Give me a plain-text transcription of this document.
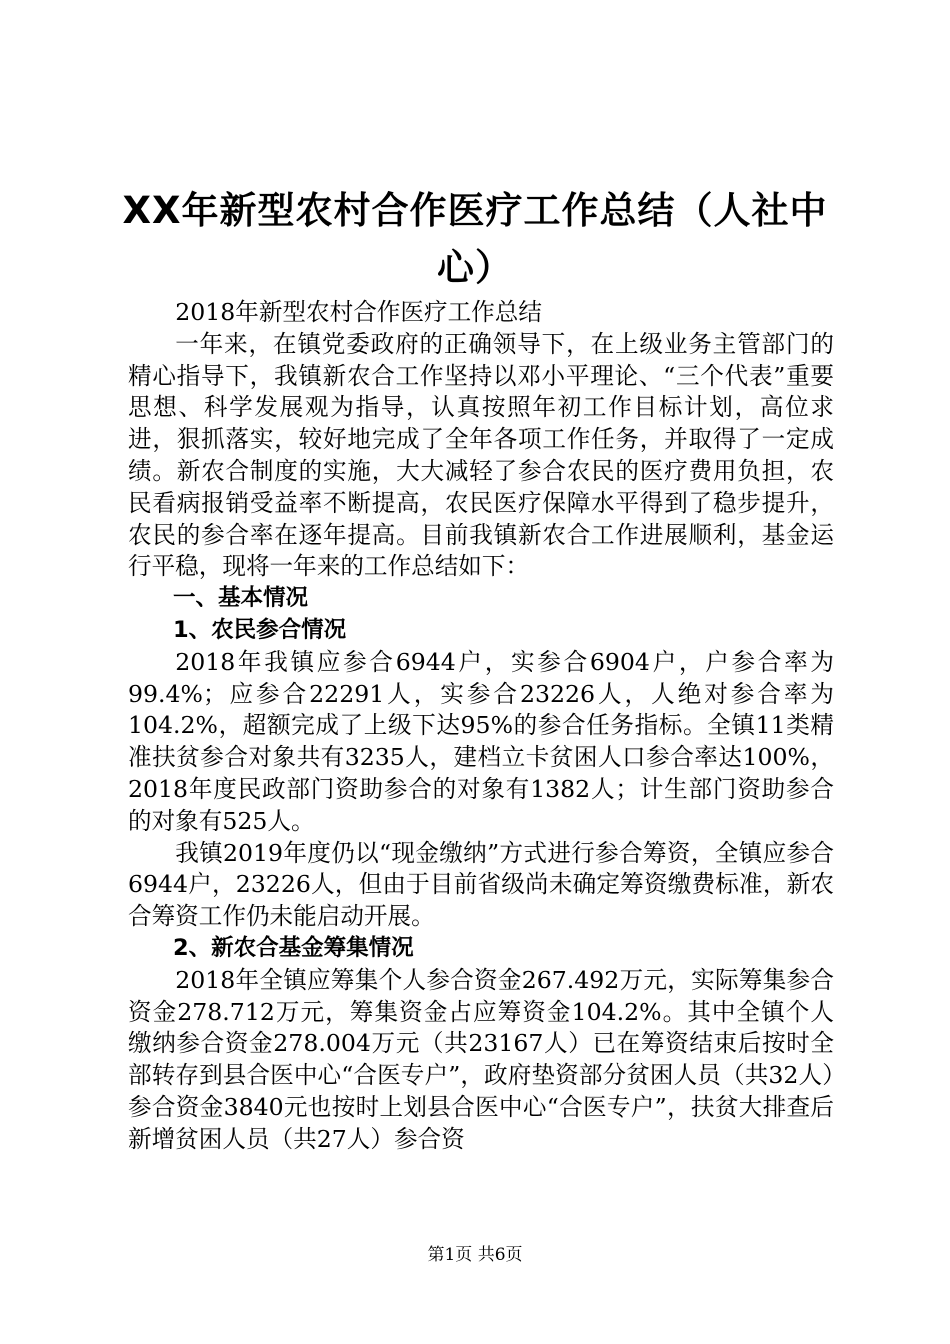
XX年新型农村合作医疗工作总结（人社中心）

2018年新型农村合作医疗工作总结

一年来，在镇党委政府的正确领导下，在上级业务主管部门的精心指导下，我镇新农合工作坚持以邓小平理论、“三个代表”重要思想、科学发展观为指导，认真按照年初工作目标计划，高位求进，狠抓落实，较好地完成了全年各项工作任务，并取得了一定成绩。新农合制度的实施，大大减轻了参合农民的医疗费用负担，农民看病报销受益率不断提高，农民医疗保障水平得到了稳步提升，农民的参合率在逐年提高。目前我镇新农合工作进展顺利，基金运行平稳，现将一年来的工作总结如下：

一、基本情况

1、农民参合情况

2018年我镇应参合6944户，实参合6904户，户参合率为99.4%；应参合22291人，实参合23226人，人绝对参合率为104.2%，超额完成了上级下达95%的参合任务指标。全镇11类精准扶贫参合对象共有3235人，建档立卡贫困人口参合率达100%，2018年度民政部门资助参合的对象有1382人；计生部门资助参合的对象有525人。

我镇2019年度仍以“现金缴纳”方式进行参合筹资，全镇应参合6944户，23226人，但由于目前省级尚未确定筹资缴费标准，新农合筹资工作仍未能启动开展。

2、新农合基金筹集情况

2018年全镇应筹集个人参合资金267.492万元，实际筹集参合资金278.712万元，筹集资金占应筹资金104.2%。其中全镇个人缴纳参合资金278.004万元（共23167人）已在筹资结束后按时全部转存到县合医中心“合医专户”，政府垫资部分贫困人员（共32人）参合资金3840元也按时上划县合医中心“合医专户”，扶贫大排查后新增贫困人员（共27人）参合资

第1页 共6页
